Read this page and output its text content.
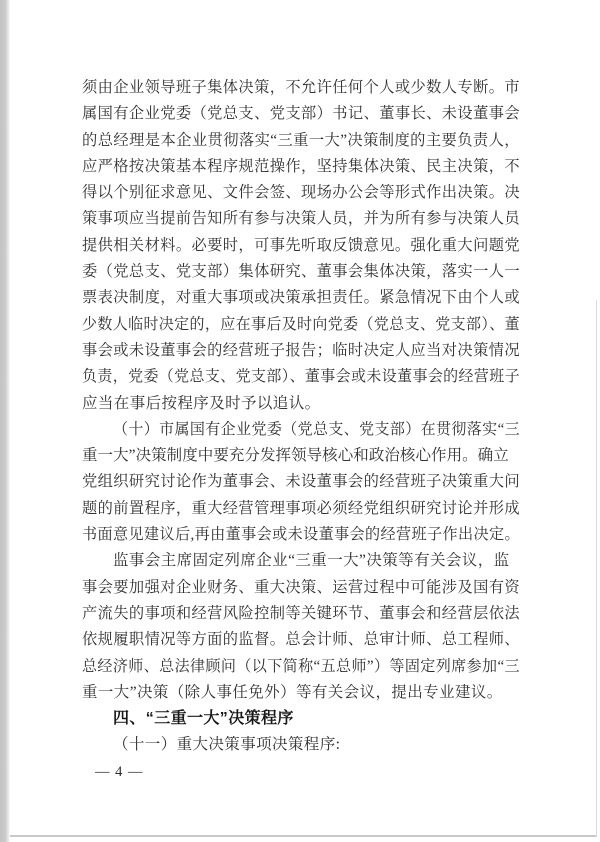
须由企业领导班子集体决策，不允许任何个人或少数人专断。市
属国有企业党委（党总支、党支部）书记、董事长、未设董事会
的总经理是本企业贯彻落实“三重一大”决策制度的主要负责人，
应严格按决策基本程序规范操作，坚持集体决策、民主决策，不
得以个别征求意见、文件会签、现场办公会等形式作出决策。决
策事项应当提前告知所有参与决策人员，并为所有参与决策人员
提供相关材料。必要时，可事先听取反馈意见。强化重大问题党
委（党总支、党支部）集体研究、董事会集体决策，落实一人一
票表决制度，对重大事项或决策承担责任。紧急情况下由个人或
少数人临时决定的，应在事后及时向党委（党总支、党支部）、董
事会或未设董事会的经营班子报告；临时决定人应当对决策情况
负责，党委（党总支、党支部）、董事会或未设董事会的经营班子
应当在事后按程序及时予以追认。
（十）市属国有企业党委（党总支、党支部）在贯彻落实“三
重一大”决策制度中要充分发挥领导核心和政治核心作用。确立
党组织研究讨论作为董事会、未设董事会的经营班子决策重大问
题的前置程序，重大经营管理事项必须经党组织研究讨论并形成
书面意见建议后,再由董事会或未设董事会的经营班子作出决定。
监事会主席固定列席企业“三重一大”决策等有关会议，监
事会要加强对企业财务、重大决策、运营过程中可能涉及国有资
产流失的事项和经营风险控制等关键环节、董事会和经营层依法
依规履职情况等方面的监督。总会计师、总审计师、总工程师、
总经济师、总法律顾问（以下简称“五总师”）等固定列席参加“三
重一大”决策（除人事任免外）等有关会议，提出专业建议。
四、“三重一大”决策程序
（十一）重大决策事项决策程序:
— 4 —
